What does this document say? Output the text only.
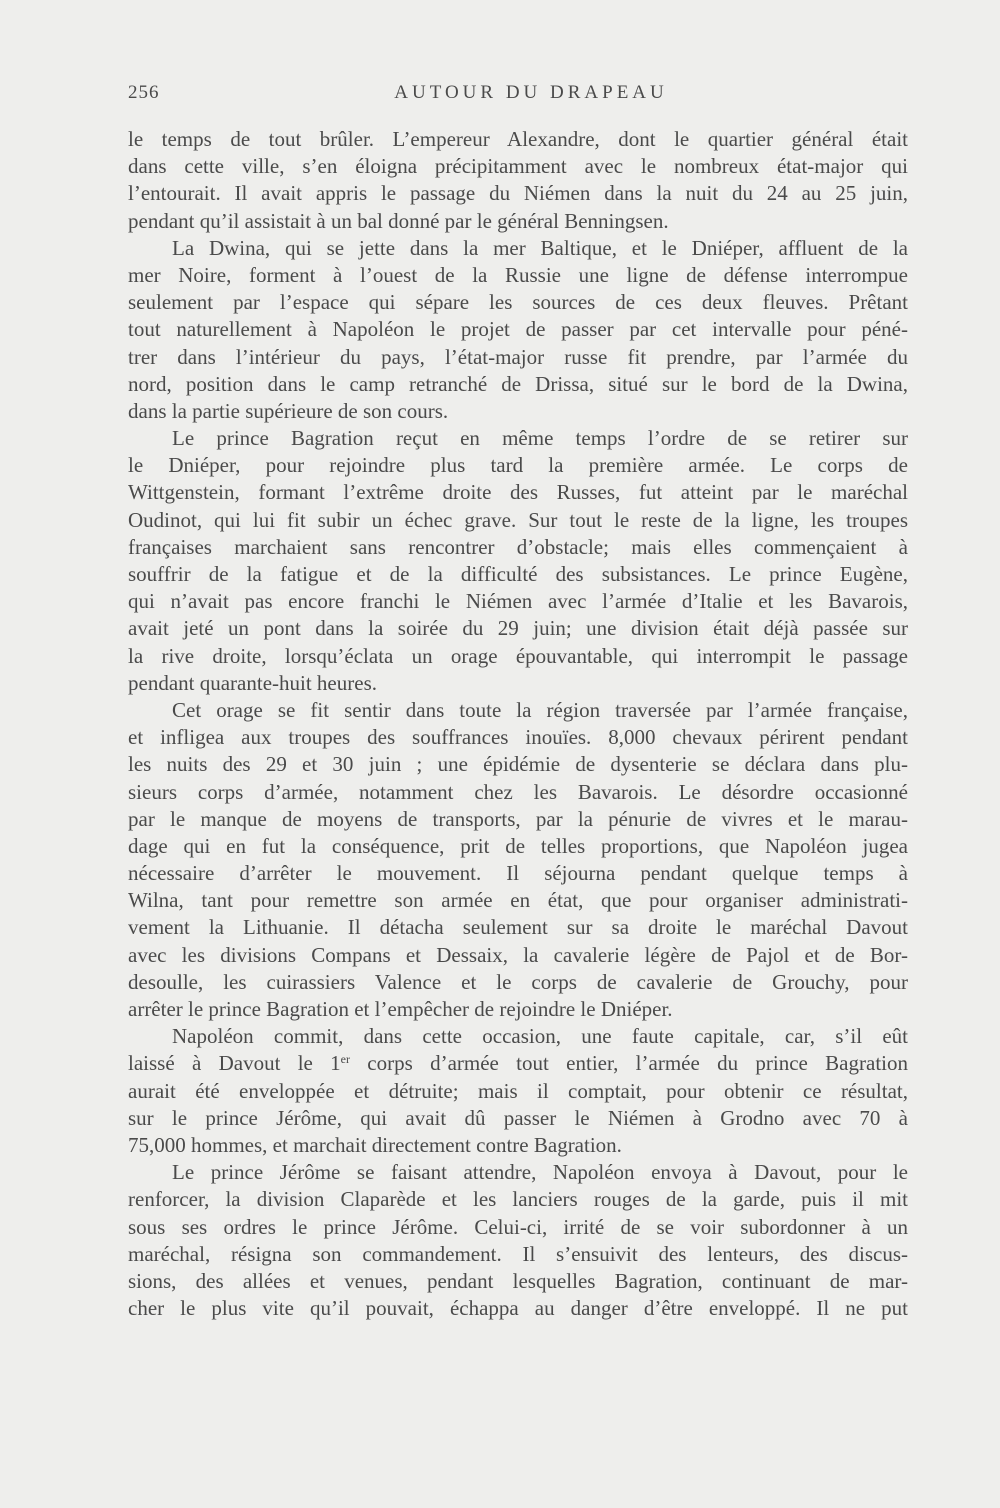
256	AUTOUR DU DRAPEAU
le temps de tout brûler. L’empereur Alexandre, dont le quartier général était
dans cette ville, s’en éloigna précipitamment avec le nombreux état-major qui
l’entourait. Il avait appris le passage du Niémen dans la nuit du 24 au 25 juin,
pendant qu’il assistait à un bal donné par le général Benningsen.
La Dwina, qui se jette dans la mer Baltique, et le Dniéper, affluent de la
mer Noire, forment à l’ouest de la Russie une ligne de défense interrompue
seulement par l’espace qui sépare les sources de ces deux fleuves. Prêtant
tout naturellement à Napoléon le projet de passer par cet intervalle pour péné-
trer dans l’intérieur du pays, l’état-major russe fit prendre, par l’armée du
nord, position dans le camp retranché de Drissa, situé sur le bord de la Dwina,
dans la partie supérieure de son cours.
Le prince Bagration reçut en même temps l’ordre de se retirer sur
le Dniéper, pour rejoindre plus tard la première armée. Le corps de
Wittgenstein, formant l’extrême droite des Russes, fut atteint par le maréchal
Oudinot, qui lui fit subir un échec grave. Sur tout le reste de la ligne, les troupes
françaises marchaient sans rencontrer d’obstacle; mais elles commençaient à
souffrir de la fatigue et de la difficulté des subsistances. Le prince Eugène,
qui n’avait pas encore franchi le Niémen avec l’armée d’Italie et les Bavarois,
avait jeté un pont dans la soirée du 29 juin; une division était déjà passée sur
la rive droite, lorsqu’éclata un orage épouvantable, qui interrompit le passage
pendant quarante-huit heures.
Cet orage se fit sentir dans toute la région traversée par l’armée française,
et infligea aux troupes des souffrances inouïes. 8,000 chevaux périrent pendant
les nuits des 29 et 30 juin ; une épidémie de dysenterie se déclara dans plu-
sieurs corps d’armée, notamment chez les Bavarois. Le désordre occasionné
par le manque de moyens de transports, par la pénurie de vivres et le marau-
dage qui en fut la conséquence, prit de telles proportions, que Napoléon jugea
nécessaire d’arrêter le mouvement. Il séjourna pendant quelque temps à
Wilna, tant pour remettre son armée en état, que pour organiser administrati-
vement la Lithuanie. Il détacha seulement sur sa droite le maréchal Davout
avec les divisions Compans et Dessaix, la cavalerie légère de Pajol et de Bor-
desoulle, les cuirassiers Valence et le corps de cavalerie de Grouchy, pour
arrêter le prince Bagration et l’empêcher de rejoindre le Dniéper.
Napoléon commit, dans cette occasion, une faute capitale, car, s’il eût
laissé à Davout le 1er corps d’armée tout entier, l’armée du prince Bagration
aurait été enveloppée et détruite; mais il comptait, pour obtenir ce résultat,
sur le prince Jérôme, qui avait dû passer le Niémen à Grodno avec 70 à
75,000 hommes, et marchait directement contre Bagration.
Le prince Jérôme se faisant attendre, Napoléon envoya à Davout, pour le
renforcer, la division Claparède et les lanciers rouges de la garde, puis il mit
sous ses ordres le prince Jérôme. Celui-ci, irrité de se voir subordonner à un
maréchal, résigna son commandement. Il s’ensuivit des lenteurs, des discus-
sions, des allées et venues, pendant lesquelles Bagration, continuant de mar-
cher le plus vite qu’il pouvait, échappa au danger d’être enveloppé. Il ne put
